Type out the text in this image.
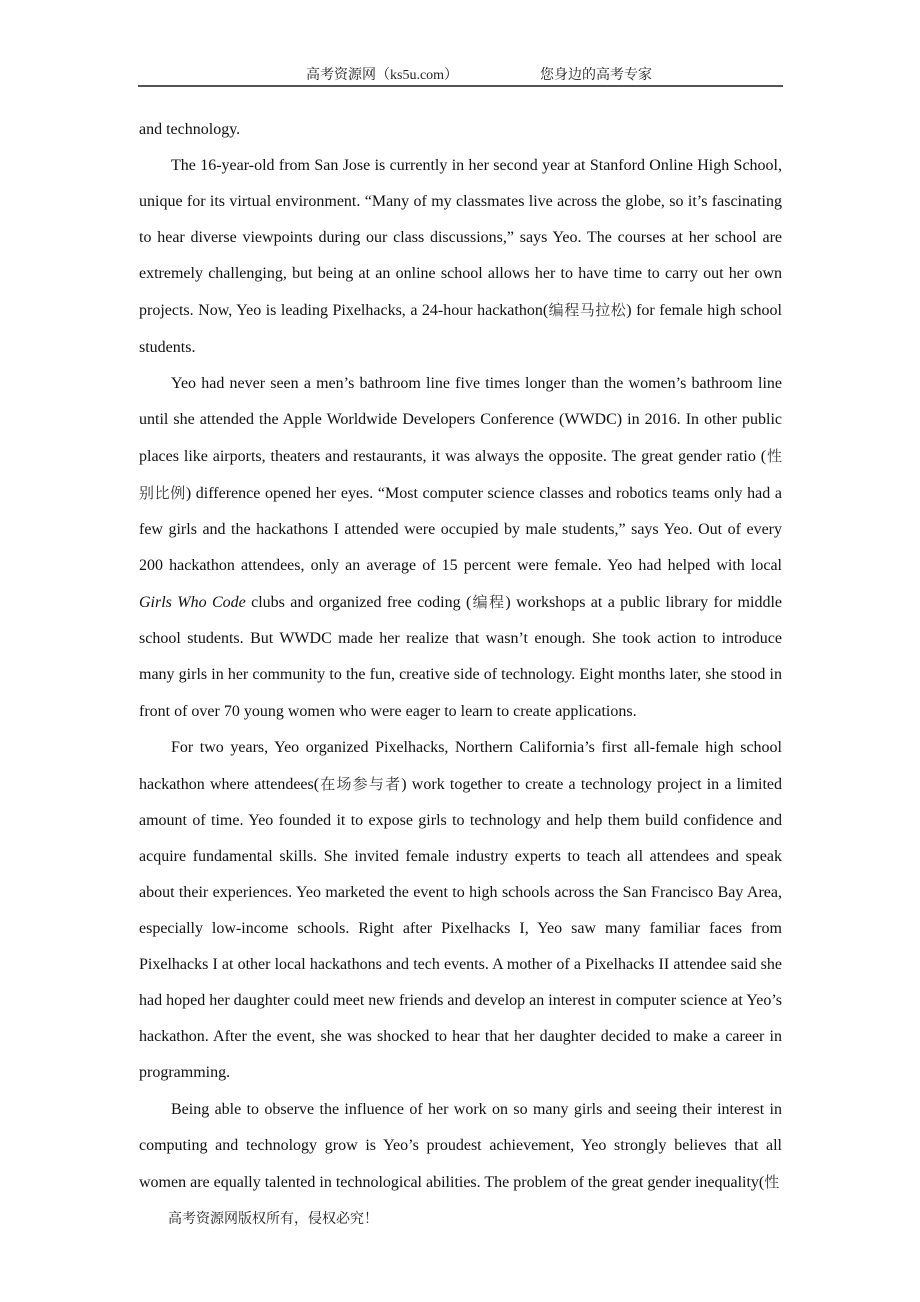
高考资源网（ks5u.com）	您身边的高考专家

and technology.

The 16-year-old from San Jose is currently in her second year at Stanford Online High School, unique for its virtual environment. “Many of my classmates live across the globe, so it’s fascinating to hear diverse viewpoints during our class discussions,” says Yeo. The courses at her school are extremely challenging, but being at an online school allows her to have time to carry out her own projects. Now, Yeo is leading Pixelhacks, a 24-hour hackathon(编程马拉松) for female high school students.

Yeo had never seen a men’s bathroom line five times longer than the women’s bathroom line until she attended the Apple Worldwide Developers Conference (WWDC) in 2016. In other public places like airports, theaters and restaurants, it was always the opposite. The great gender ratio (性别比例) difference opened her eyes. “Most computer science classes and robotics teams only had a few girls and the hackathons I attended were occupied by male students,” says Yeo. Out of every 200 hackathon attendees, only an average of 15 percent were female. Yeo had helped with local Girls Who Code clubs and organized free coding (编程) workshops at a public library for middle school students. But WWDC made her realize that wasn’t enough. She took action to introduce many girls in her community to the fun, creative side of technology. Eight months later, she stood in front of over 70 young women who were eager to learn to create applications.

For two years, Yeo organized Pixelhacks, Northern California’s first all-female high school hackathon where attendees(在场参与者) work together to create a technology project in a limited amount of time. Yeo founded it to expose girls to technology and help them build confidence and acquire fundamental skills. She invited female industry experts to teach all attendees and speak about their experiences. Yeo marketed the event to high schools across the San Francisco Bay Area, especially low-income schools. Right after Pixelhacks I, Yeo saw many familiar faces from Pixelhacks I at other local hackathons and tech events. A mother of a Pixelhacks II attendee said she had hoped her daughter could meet new friends and develop an interest in computer science at Yeo’s hackathon. After the event, she was shocked to hear that her daughter decided to make a career in programming.

Being able to observe the influence of her work on so many girls and seeing their interest in computing and technology grow is Yeo’s proudest achievement, Yeo strongly believes that all women are equally talented in technological abilities. The problem of the great gender inequality(性

高考资源网版权所有，侵权必究！
